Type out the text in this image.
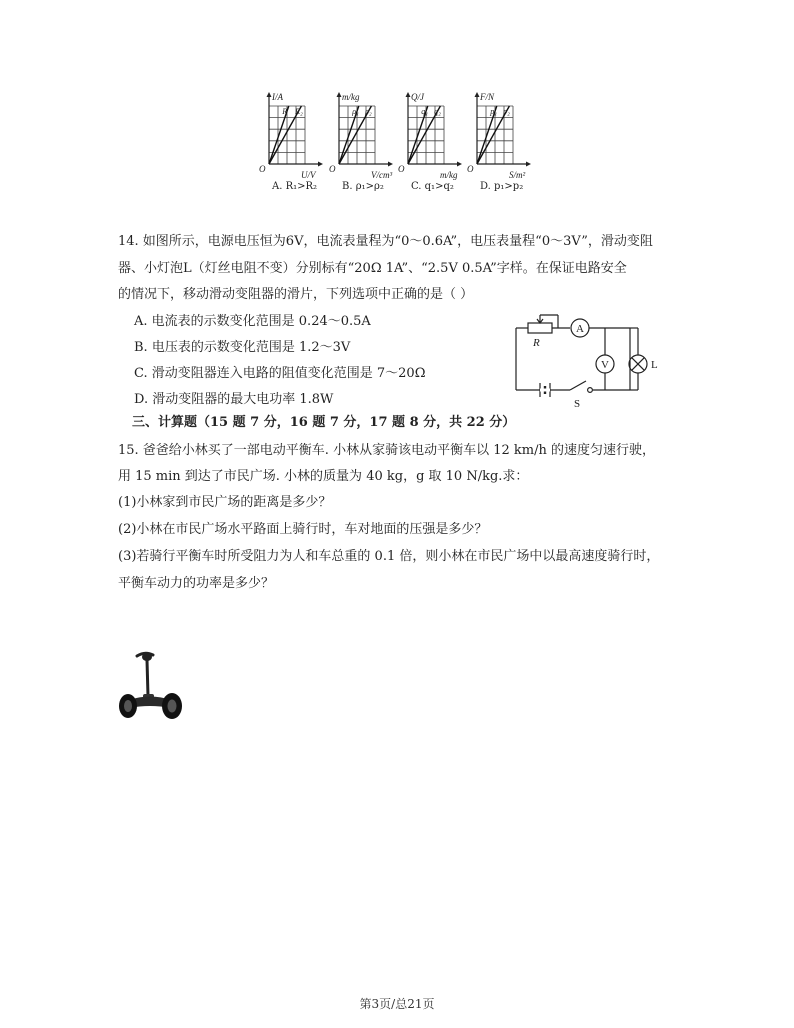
I/A
U/V
O
R R₂
m/kg
V/cm³
O
ρ₁ ρ₂
Q/J
m/kg
O
q₁ q₂
F/N
S/m²
O
p₁ p₂
A. R₁>R₂ B. ρ₁>ρ₂	C. q₁>q₂	D. p₁>p₂
14. 如图所示，电源电压恒为6V，电流表量程为“0～0.6A”，电压表量程“0～3V”，滑动变阻
器、小灯泡L（灯丝电阻不变）分别标有“20Ω 1A”、“2.5V 0.5A”字样。在保证电路安全
的情况下，移动滑动变阻器的滑片，下列选项中正确的是（ ）
A. 电流表的示数变化范围是 0.24～0.5A
B. 电压表的示数变化范围是 1.2～3V
C. 滑动变阻器连入电路的阻值变化范围是 7～20Ω
D. 滑动变阻器的最大电功率 1.8W
R
A
V	L
S
三、计算题（15 题 7 分，16 题 7 分，17 题 8 分，共 22 分）
15. 爸爸给小林买了一部电动平衡车. 小林从家骑该电动平衡车以 12 km/h 的速度匀速行驶，
用 15 min 到达了市民广场. 小林的质量为 40 kg，g 取 10 N/kg.求：
(1)小林家到市民广场的距离是多少？
(2)小林在市民广场水平路面上骑行时，车对地面的压强是多少？
(3)若骑行平衡车时所受阻力为人和车总重的 0.1 倍，则小林在市民广场中以最高速度骑行时，
平衡车动力的功率是多少？
第3页/总21页
